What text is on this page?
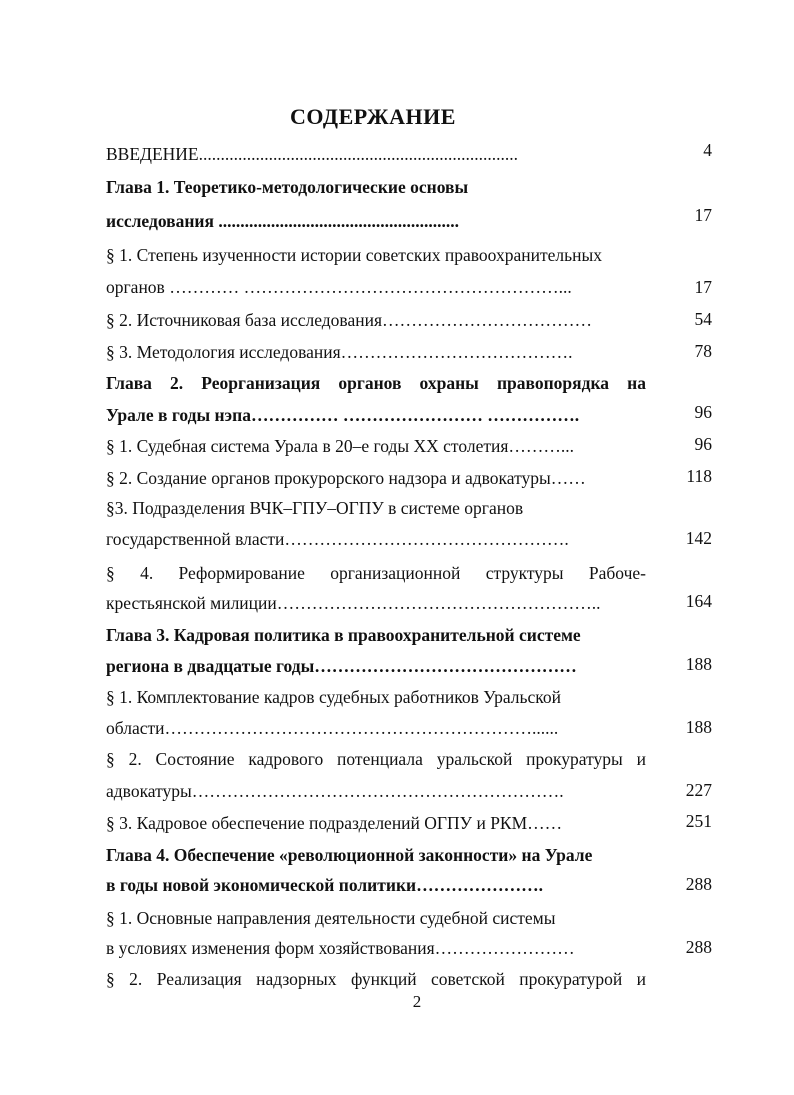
СОДЕРЖАНИЕ
ВВЕДЕНИЕ.........................................................................	4
Глава 1. Теоретико-методологические основы
исследования .......................................................	17
§ 1. Степень изученности истории советских правоохранительных
органов ………… ………………………………………………...	17
§ 2. Источниковая база исследования………………………………	54
§ 3. Методология исследования………………………………….	78
Глава 2. Реорганизация органов охраны правопорядка на
Урале в годы нэпа…………… …………………… …………….	96
§ 1. Судебная система Урала в 20–е годы XX столетия………...	96
§ 2. Создание органов прокурорского надзора и адвокатуры……	118
§3. Подразделения ВЧК–ГПУ–ОГПУ в системе органов
государственной власти………………………………………….	142
§ 4. Реформирование организационной структуры Рабоче-
крестьянской милиции………………………………………………..	164
Глава 3. Кадровая политика в правоохранительной системе
региона в двадцатые годы………………………………………	188
§ 1. Комплектование кадров судебных работников Уральской
области………………………………………………………......	188
§ 2. Состояние кадрового потенциала уральской прокуратуры и
адвокатуры……………………………………………………….	227
§ 3. Кадровое обеспечение подразделений ОГПУ и РКМ……	251
Глава 4. Обеспечение «революционной законности» на Урале
в годы новой экономической политики………………….	288
§ 1. Основные направления деятельности судебной системы
в условиях изменения форм хозяйствования……………………	288
§ 2. Реализация надзорных функций советской прокуратурой и
2
